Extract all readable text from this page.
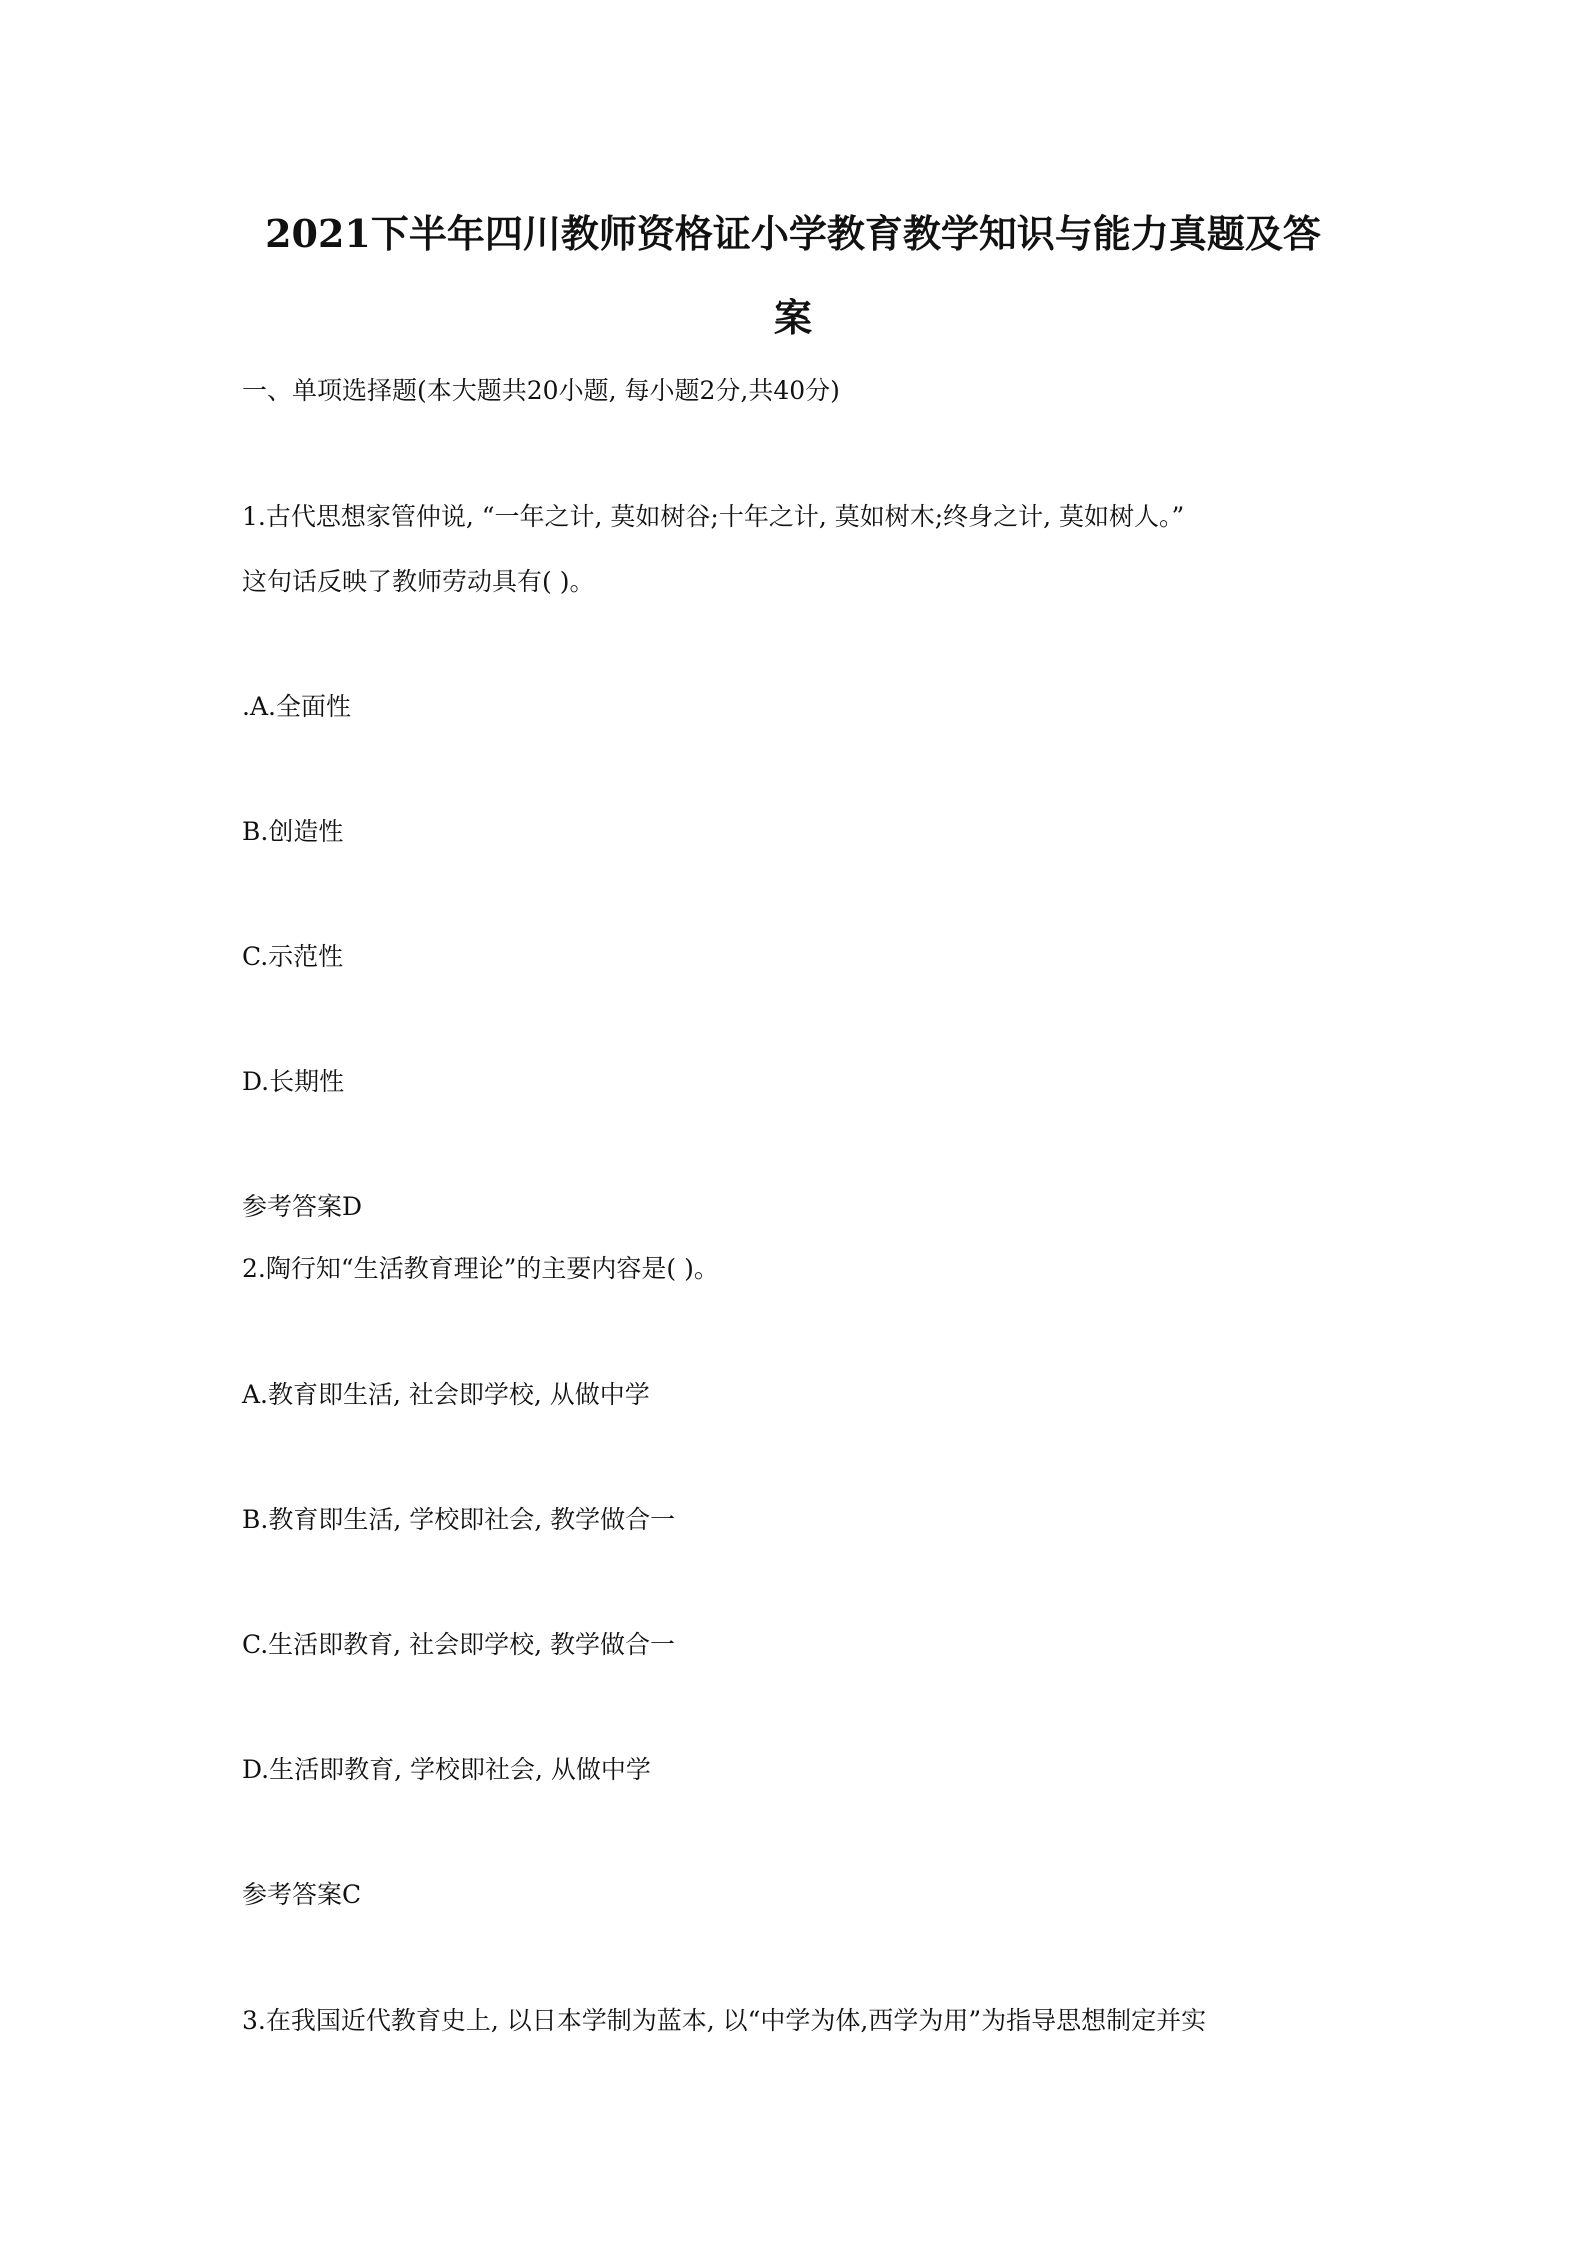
2021下半年四川教师资格证小学教育教学知识与能力真题及答
案

一、单项选择题(本大题共20小题, 每小题2分,共40分)

1.古代思想家管仲说, “一年之计, 莫如树谷;十年之计, 莫如树木;终身之计, 莫如树人。”

这句话反映了教师劳动具有( )。

.A.全面性

B.创造性

C.示范性

D.长期性

参考答案D

2.陶行知“生活教育理论”的主要内容是( )。

A.教育即生活, 社会即学校, 从做中学

B.教育即生活, 学校即社会, 教学做合一

C.生活即教育, 社会即学校, 教学做合一

D.生活即教育, 学校即社会, 从做中学

参考答案C

3.在我国近代教育史上, 以日本学制为蓝本, 以“中学为体,西学为用”为指导思想制定并实
